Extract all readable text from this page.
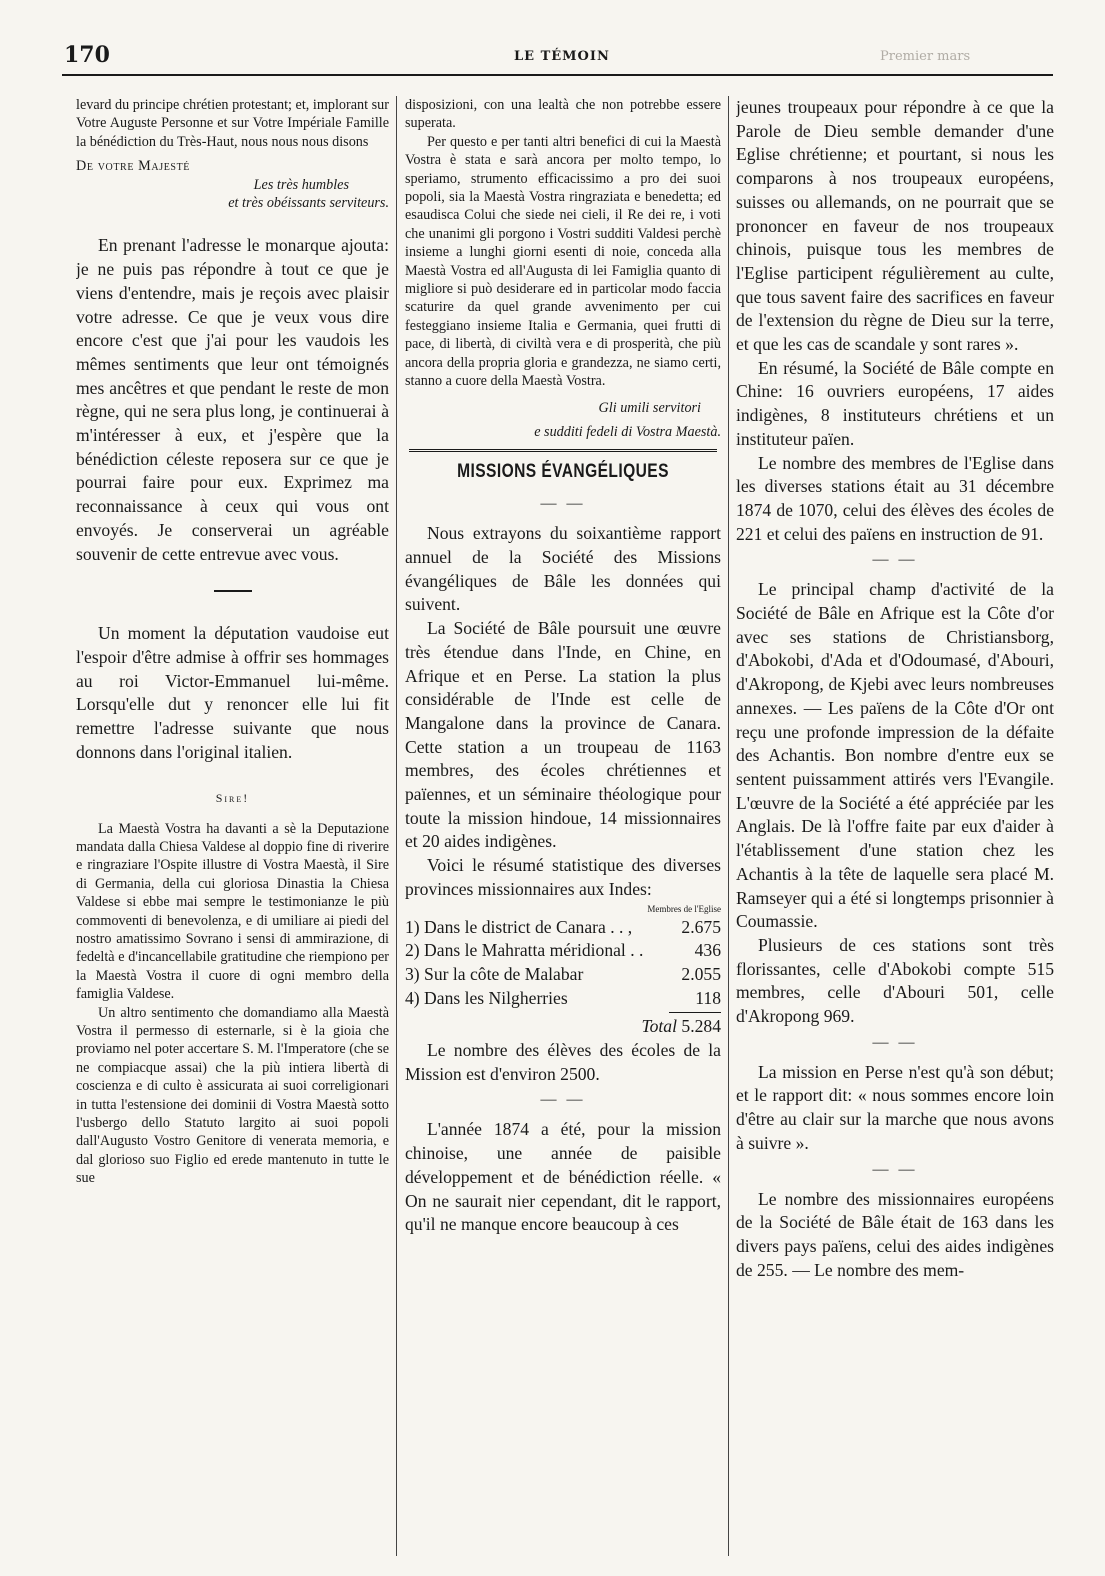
170	LE TÉMOIN	Premier mars

levard du principe chrétien protestant; et, implorant sur Votre Auguste Personne et sur Votre Impériale Famille la bénédiction du Très-Haut, nous nous nous disons

De votre Majesté

Les très humbles

et très obéissants serviteurs.

En prenant l'adresse le monarque ajouta: je ne puis pas répondre à tout ce que je viens d'entendre, mais je reçois avec plaisir votre adresse. Ce que je veux vous dire encore c'est que j'ai pour les vaudois les mêmes sentiments que leur ont témoignés mes ancêtres et que pendant le reste de mon règne, qui ne sera plus long, je continuerai à m'intéresser à eux, et j'espère que la bénédiction céleste reposera sur ce que je pourrai faire pour eux. Exprimez ma reconnaissance à ceux qui vous ont envoyés. Je conserverai un agréable souvenir de cette entrevue avec vous.

Un moment la députation vaudoise eut l'espoir d'être admise à offrir ses hommages au roi Victor-Emmanuel lui-même. Lorsqu'elle dut y renoncer elle lui fit remettre l'adresse suivante que nous donnons dans l'original italien.

Sire!

La Maestà Vostra ha davanti a sè la Deputazione mandata dalla Chiesa Valdese al doppio fine di riverire e ringraziare l'Ospite illustre di Vostra Maestà, il Sire di Germania, della cui gloriosa Dinastia la Chiesa Valdese si ebbe mai sempre le testimonianze le più commoventi di benevolenza, e di umiliare ai piedi del nostro amatissimo Sovrano i sensi di ammirazione, di fedeltà e d'incancellabile gratitudine che riempiono per la Maestà Vostra il cuore di ogni membro della famiglia Valdese.

Un altro sentimento che domandiamo alla Maestà Vostra il permesso di esternarle, si è la gioia che proviamo nel poter accertare S. M. l'Imperatore (che se ne compiacque assai) che la più intiera libertà di coscienza e di culto è assicurata ai suoi correligionari in tutta l'estensione dei dominii di Vostra Maestà sotto l'usbergo dello Statuto largito ai suoi popoli dall'Augusto Vostro Genitore di venerata memoria, e dal glorioso suo Figlio ed erede mantenuto in tutte le sue

disposizioni, con una lealtà che non potrebbe essere superata.

Per questo e per tanti altri benefici di cui la Maestà Vostra è stata e sarà ancora per molto tempo, lo speriamo, strumento efficacissimo a pro dei suoi popoli, sia la Maestà Vostra ringraziata e benedetta; ed esaudisca Colui che siede nei cieli, il Re dei re, i voti che unanimi gli porgono i Vostri sudditi Valdesi perchè insieme a lunghi giorni esenti di noie, conceda alla Maestà Vostra ed all'Augusta di lei Famiglia quanto di migliore si può desiderare ed in particolar modo faccia scaturire da quel grande avvenimento per cui festeggiano insieme Italia e Germania, quei frutti di pace, di libertà, di civiltà vera e di prosperità, che più ancora della propria gloria e grandezza, ne siamo certi, stanno a cuore della Maestà Vostra.

Gli umili servitori

e sudditi fedeli di Vostra Maestà.

MISSIONS ÉVANGÉLIQUES
— —

Nous extrayons du soixantième rapport annuel de la Société des Missions évangéliques de Bâle les données qui suivent.

La Société de Bâle poursuit une œuvre très étendue dans l'Inde, en Chine, en Afrique et en Perse. La station la plus considérable de l'Inde est celle de Mangalone dans la province de Canara. Cette station a un troupeau de 1163 membres, des écoles chrétiennes et païennes, et un séminaire théologique pour toute la mission hindoue, 14 missionnaires et 20 aides indigènes.

Voici le résumé statistique des diverses provinces missionnaires aux Indes:

Membres de l'Eglise
1) Dans le district de Canara . . ,	2.675
2) Dans le Mahratta méridional . .	436
3) Sur la côte de Malabar	2.055
4) Dans les Nilgherries	118
Total 5.284

Le nombre des élèves des écoles de la Mission est d'environ 2500.

— —

L'année 1874 a été, pour la mission chinoise, une année de paisible développement et de bénédiction réelle. « On ne saurait nier cependant, dit le rapport, qu'il ne manque encore beaucoup à ces

jeunes troupeaux pour répondre à ce que la Parole de Dieu semble demander d'une Eglise chrétienne; et pourtant, si nous les comparons à nos troupeaux européens, suisses ou allemands, on ne pourrait que se prononcer en faveur de nos troupeaux chinois, puisque tous les membres de l'Eglise participent régulièrement au culte, que tous savent faire des sacrifices en faveur de l'extension du règne de Dieu sur la terre, et que les cas de scandale y sont rares ».

En résumé, la Société de Bâle compte en Chine: 16 ouvriers européens, 17 aides indigènes, 8 instituteurs chrétiens et un instituteur païen.

Le nombre des membres de l'Eglise dans les diverses stations était au 31 décembre 1874 de 1070, celui des élèves des écoles de 221 et celui des païens en instruction de 91.

— —

Le principal champ d'activité de la Société de Bâle en Afrique est la Côte d'or avec ses stations de Christiansborg, d'Abokobi, d'Ada et d'Odoumasé, d'Abouri, d'Akropong, de Kjebi avec leurs nombreuses annexes. — Les païens de la Côte d'Or ont reçu une profonde impression de la défaite des Achantis. Bon nombre d'entre eux se sentent puissamment attirés vers l'Evangile. L'œuvre de la Société a été appréciée par les Anglais. De là l'offre faite par eux d'aider à l'établissement d'une station chez les Achantis à la tête de laquelle sera placé M. Ramseyer qui a été si longtemps prisonnier à Coumassie.

Plusieurs de ces stations sont très florissantes, celle d'Abokobi compte 515 membres, celle d'Abouri 501, celle d'Akropong 969.

— —

La mission en Perse n'est qu'à son début; et le rapport dit: « nous sommes encore loin d'être au clair sur la marche que nous avons à suivre ».

— —

Le nombre des missionnaires européens de la Société de Bâle était de 163 dans les divers pays païens, celui des aides indigènes de 255. — Le nombre des mem-
